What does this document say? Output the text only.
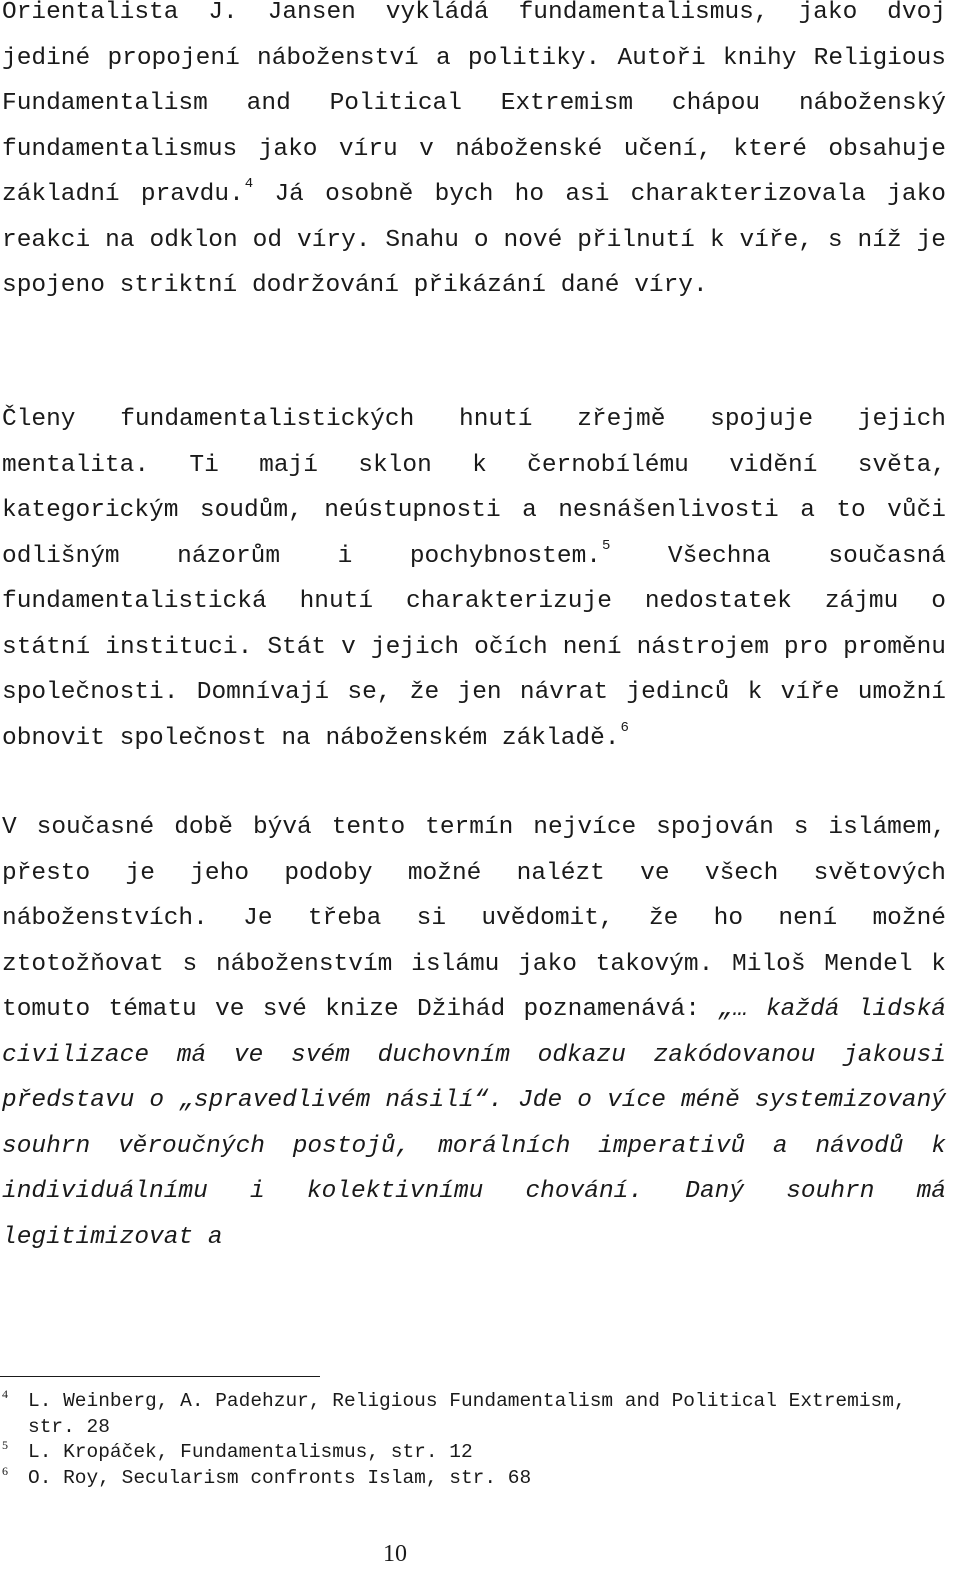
Orientalista J. Jansen vykládá fundamentalismus, jako dvoj jediné propojení náboženství a politiky. Autoři knihy Religious Fundamentalism and Political Extremism chápou náboženský fundamentalismus jako víru v náboženské učení, které obsahuje základní pravdu.$^4$ Já osobně bych ho asi charakterizovala jako reakci na odklon od víry. Snahu o nové přilnutí k víře, s níž je spojeno striktní dodržování přikázání dané víry.

Členy fundamentalistických hnutí zřejmě spojuje jejich mentalita. Ti mají sklon k černobílému vidění světa, kategorickým soudům, neústupnosti a nesnášenlivosti a to vůči odlišným názorům i pochybnostem.$^5$ Všechna současná fundamentalistická hnutí charakterizuje nedostatek zájmu o státní instituci. Stát v jejich očích není nástrojem pro proměnu společnosti. Domnívají se, že jen návrat jedinců k víře umožní obnovit společnost na náboženském základě.$^6$

V současné době bývá tento termín nejvíce spojován s islámem, přesto je jeho podoby možné nalézt ve všech světových náboženstvích. Je třeba si uvědomit, že ho není možné ztotožňovat s náboženstvím islámu jako takovým. Miloš Mendel k tomuto tématu ve své knize Džihád poznamenává: „… každá lidská civilizace má ve svém duchovním odkazu zakódovanou jakousi představu o „spravedlivém násilí“. Jde o více méně systemizovaný souhrn věroučných postojů, morálních imperativů a návodů k individuálnímu i kolektivnímu chování. Daný souhrn má legitimizovat a

4 L. Weinberg, A. Padehzur, Religious Fundamentalism and Political Extremism, str. 28
5 L. Kropáček, Fundamentalismus, str. 12
6 O. Roy, Secularism confronts Islam, str. 68
10
